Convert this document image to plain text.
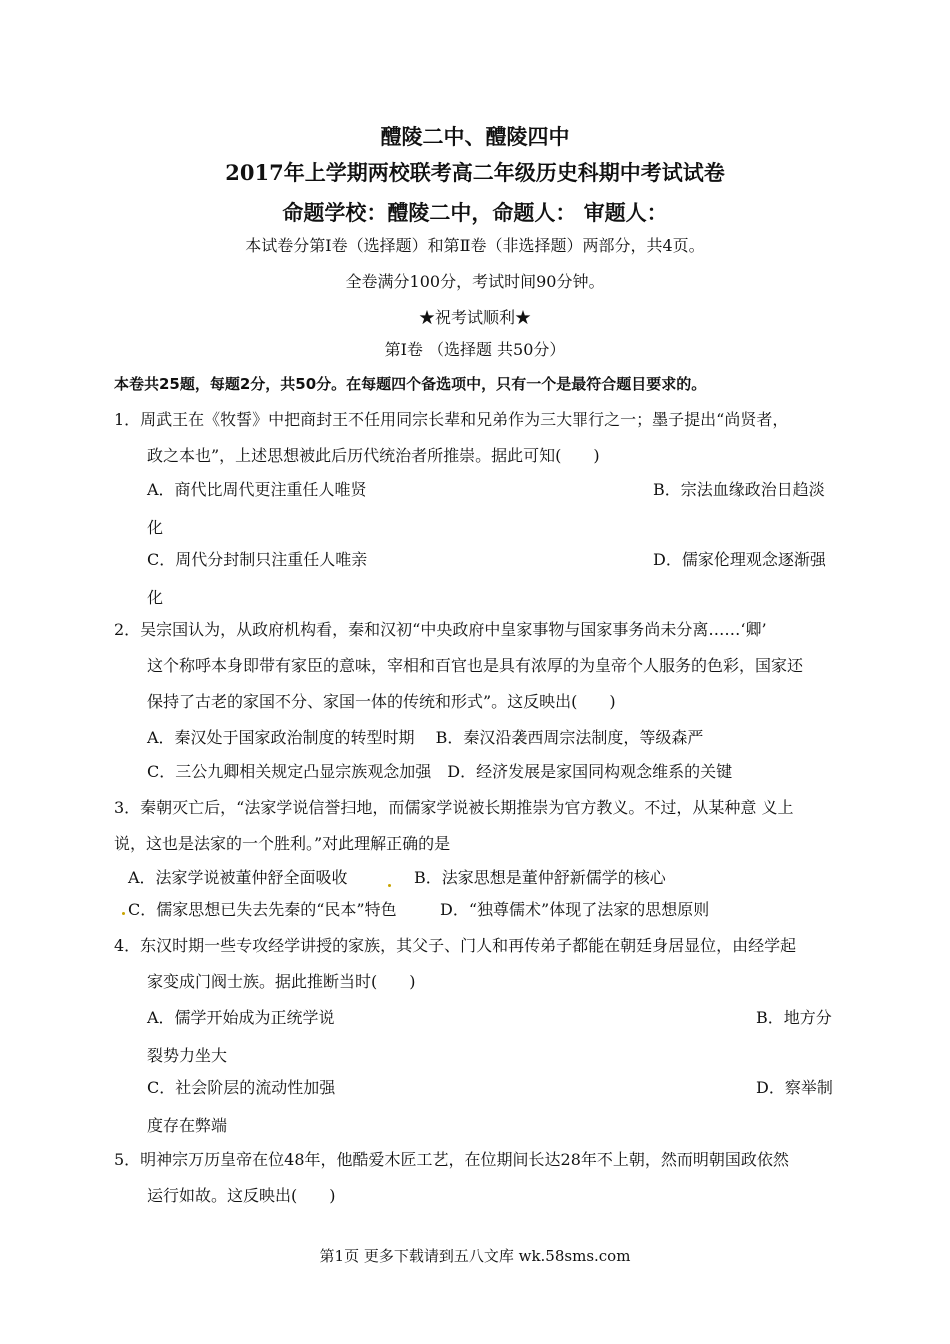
醴陵二中、醴陵四中
2017年上学期两校联考高二年级历史科期中考试试卷
命题学校：醴陵二中，命题人： 审题人：
本试卷分第Ⅰ卷（选择题）和第Ⅱ卷（非选择题）两部分，共4页。
全卷满分100分，考试时间90分钟。
★祝考试顺利★
第Ⅰ卷 （选择题 共50分）
本卷共25题，每题2分，共50分。在每题四个备选项中，只有一个是最符合题目要求的。
1．周武王在《牧誓》中把商封王不任用同宗长辈和兄弟作为三大罪行之一；墨子提出“尚贤者，
政之本也”，上述思想被此后历代统治者所推崇。据此可知(　　)
A．商代比周代更注重任人唯贤	B．宗法血缘政治日趋淡
化
C．周代分封制只注重任人唯亲	D．儒家伦理观念逐渐强
化
2．吴宗国认为，从政府机构看，秦和汉初“中央政府中皇家事物与国家事务尚未分离……‘卿’
这个称呼本身即带有家臣的意味，宰相和百官也是具有浓厚的为皇帝个人服务的色彩，国家还
保持了古老的家国不分、家国一体的传统和形式”。这反映出(　　)
A．秦汉处于国家政治制度的转型时期　 B．秦汉沿袭西周宗法制度，等级森严
C．三公九卿相关规定凸显宗族观念加强　D．经济发展是家国同构观念维系的关键
3．秦朝灭亡后，“法家学说信誉扫地，而儒家学说被长期推崇为官方教义。不过，从某种意 义上
说，这也是法家的一个胜利。”对此理解正确的是
A．法家学说被董仲舒全面吸收	B．法家思想是董仲舒新儒学的核心
C．儒家思想已失去先秦的“民本”特色	D．“独尊儒术”体现了法家的思想原则
4．东汉时期一些专攻经学讲授的家族，其父子、门人和再传弟子都能在朝廷身居显位，由经学起
家变成门阀士族。据此推断当时(　　)
A．儒学开始成为正统学说	B．地方分
裂势力坐大
C．社会阶层的流动性加强	D．察举制
度存在弊端
5．明神宗万历皇帝在位48年，他酷爱木匠工艺，在位期间长达28年不上朝，然而明朝国政依然
运行如故。这反映出(　　)
第1页 更多下载请到五八文库 wk.58sms.com
